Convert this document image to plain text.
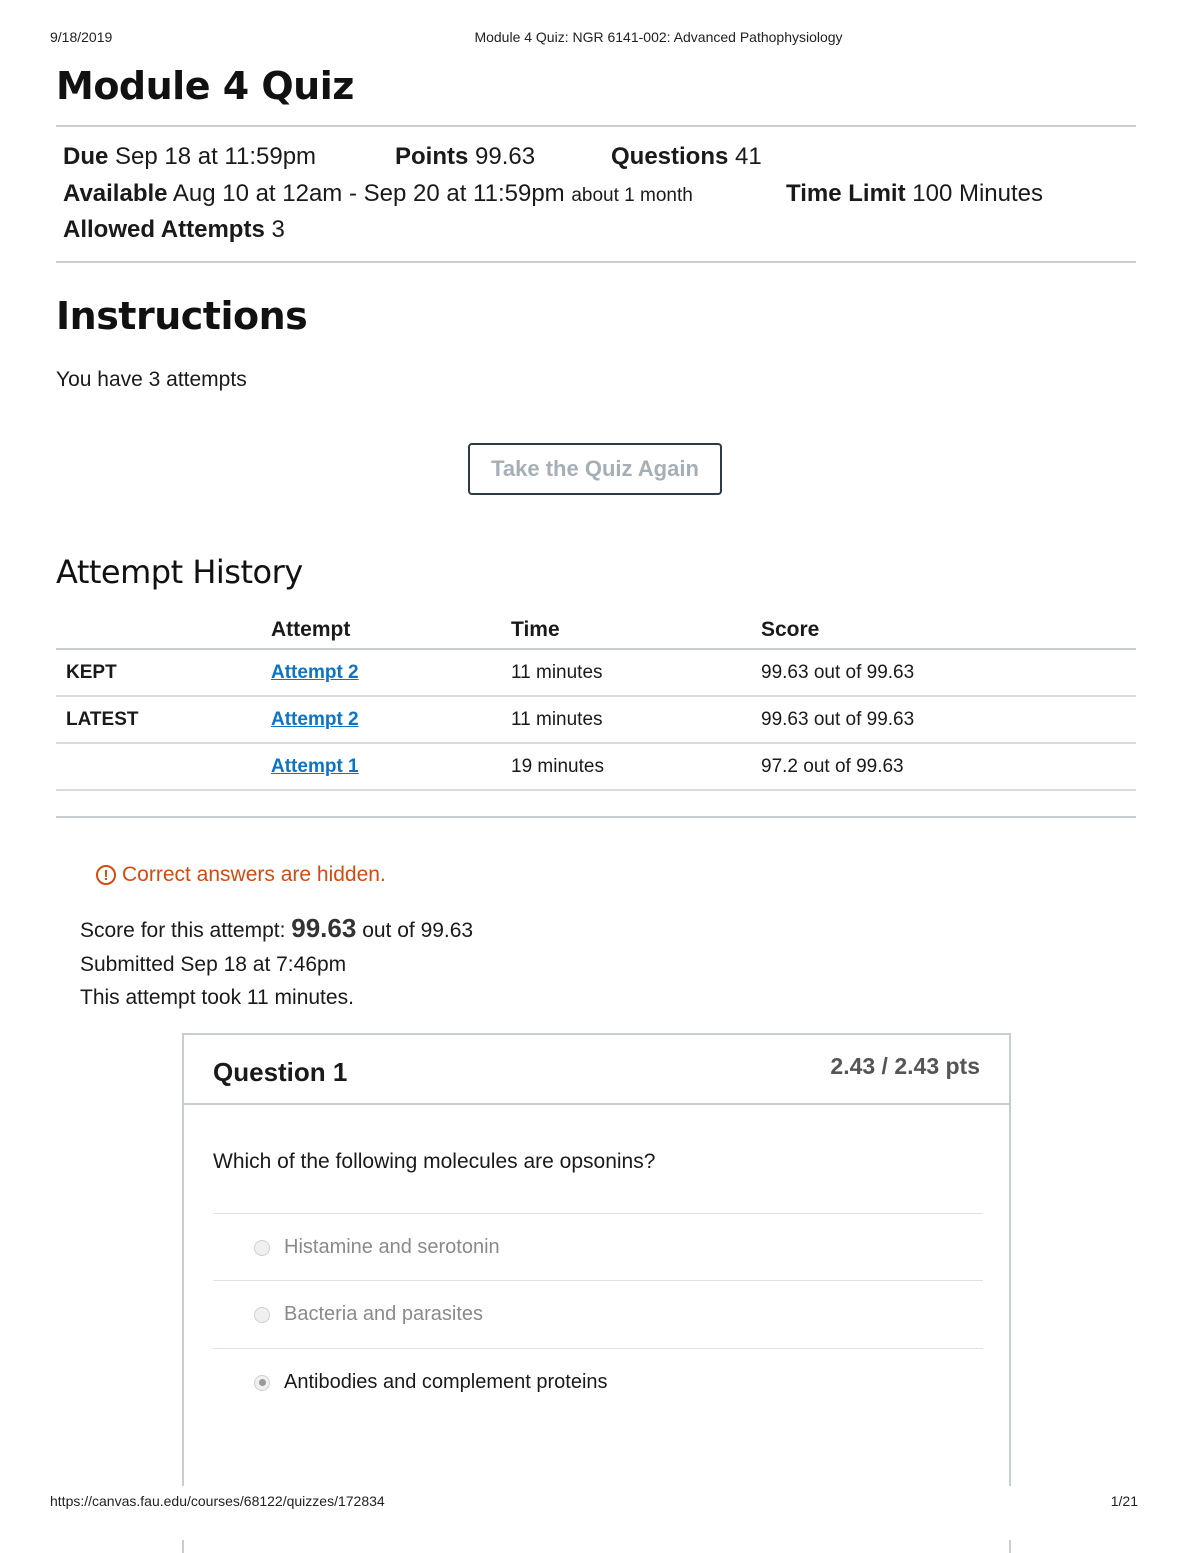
9/18/2019	Module 4 Quiz: NGR 6141-002: Advanced Pathophysiology
Module 4 Quiz
Due Sep 18 at 11:59pm	Points 99.63	Questions 41
Available Aug 10 at 12am - Sep 20 at 11:59pm about 1 month	Time Limit 100 Minutes
Allowed Attempts 3
Instructions
You have 3 attempts
Take the Quiz Again
Attempt History
	Attempt	Time	Score
KEPT	Attempt 2	11 minutes	99.63 out of 99.63
LATEST	Attempt 2	11 minutes	99.63 out of 99.63
	Attempt 1	19 minutes	97.2 out of 99.63
! Correct answers are hidden.
Score for this attempt: 99.63 out of 99.63
Submitted Sep 18 at 7:46pm
This attempt took 11 minutes.
Question 1	2.43 / 2.43 pts
Which of the following molecules are opsonins?
Histamine and serotonin
Bacteria and parasites
Antibodies and complement proteins
https://canvas.fau.edu/courses/68122/quizzes/172834	1/21
